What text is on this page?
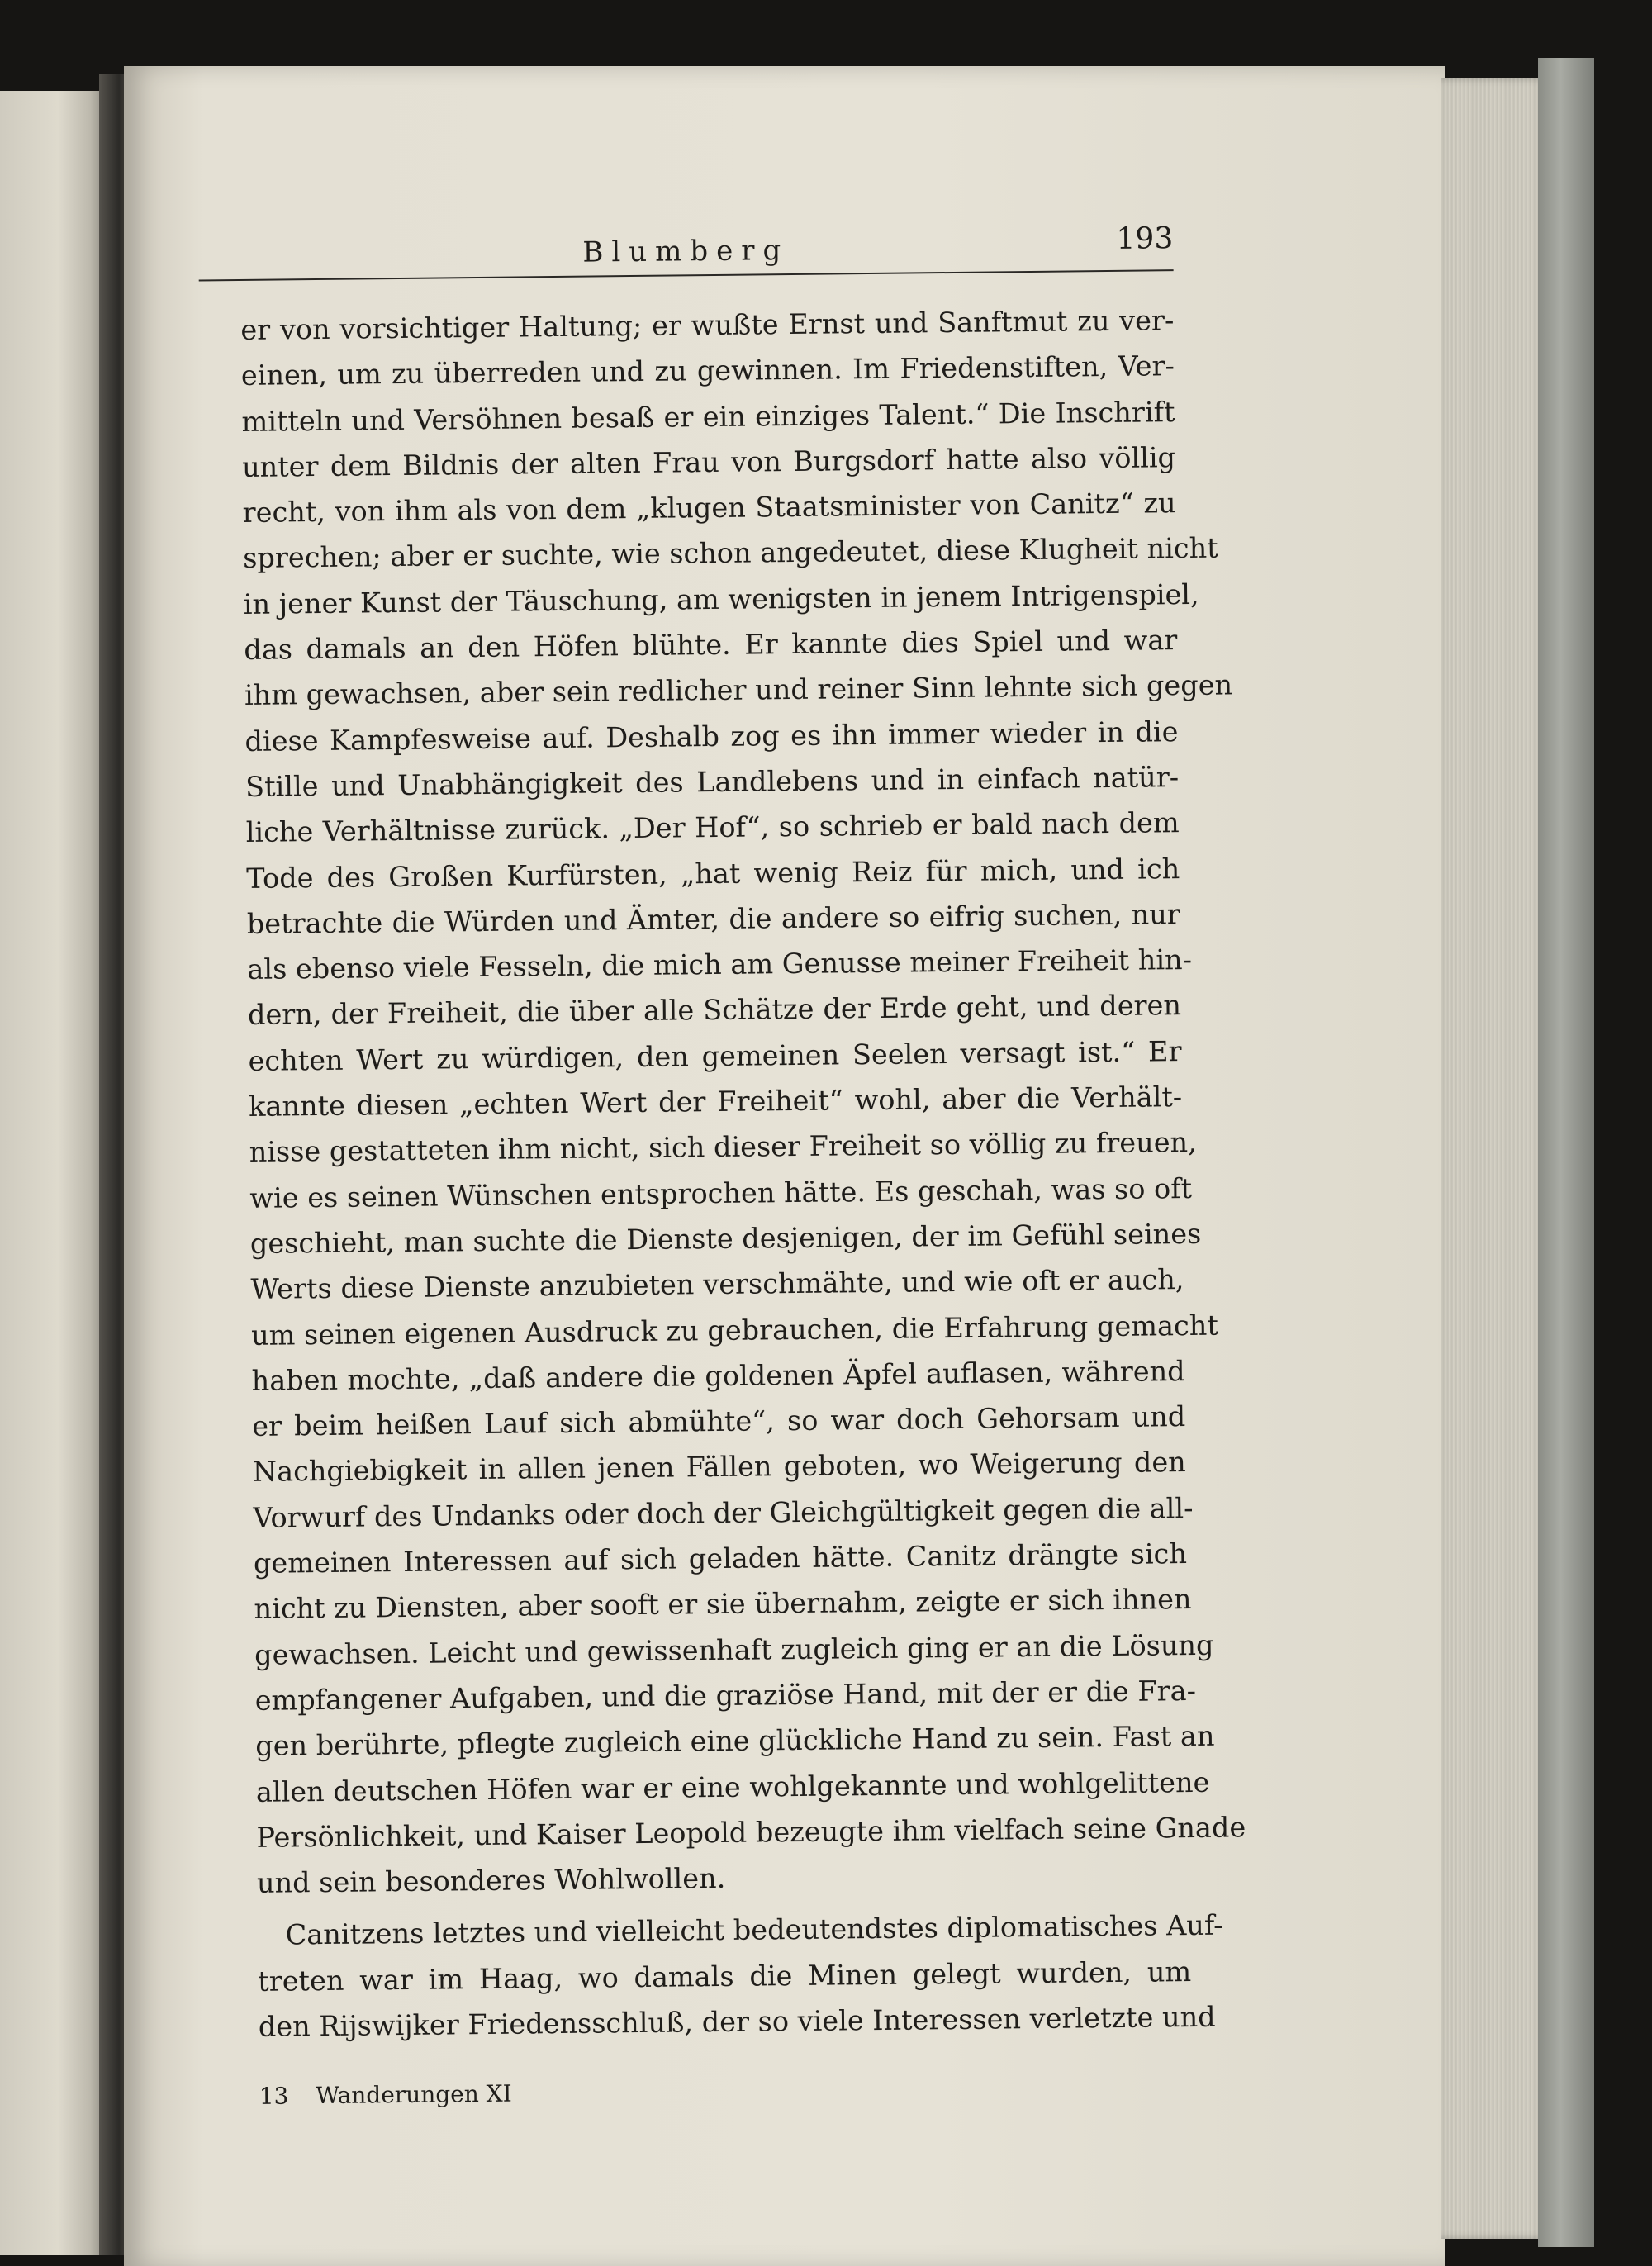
Blumberg	193

er von vorsichtiger Haltung; er wußte Ernst und Sanftmut zu ver-
einen, um zu überreden und zu gewinnen. Im Friedenstiften, Ver-
mitteln und Versöhnen besaß er ein einziges Talent.“ Die Inschrift
unter dem Bildnis der alten Frau von Burgsdorf hatte also völlig
recht, von ihm als von dem „klugen Staatsminister von Canitz“ zu
sprechen; aber er suchte, wie schon angedeutet, diese Klugheit nicht
in jener Kunst der Täuschung, am wenigsten in jenem Intrigenspiel,
das damals an den Höfen blühte. Er kannte dies Spiel und war
ihm gewachsen, aber sein redlicher und reiner Sinn lehnte sich gegen
diese Kampfesweise auf. Deshalb zog es ihn immer wieder in die
Stille und Unabhängigkeit des Landlebens und in einfach natür-
liche Verhältnisse zurück. „Der Hof“, so schrieb er bald nach dem
Tode des Großen Kurfürsten, „hat wenig Reiz für mich, und ich
betrachte die Würden und Ämter, die andere so eifrig suchen, nur
als ebenso viele Fesseln, die mich am Genusse meiner Freiheit hin-
dern, der Freiheit, die über alle Schätze der Erde geht, und deren
echten Wert zu würdigen, den gemeinen Seelen versagt ist.“ Er
kannte diesen „echten Wert der Freiheit“ wohl, aber die Verhält-
nisse gestatteten ihm nicht, sich dieser Freiheit so völlig zu freuen,
wie es seinen Wünschen entsprochen hätte. Es geschah, was so oft
geschieht, man suchte die Dienste desjenigen, der im Gefühl seines
Werts diese Dienste anzubieten verschmähte, und wie oft er auch,
um seinen eigenen Ausdruck zu gebrauchen, die Erfahrung gemacht
haben mochte, „daß andere die goldenen Äpfel auflasen, während
er beim heißen Lauf sich abmühte“, so war doch Gehorsam und
Nachgiebigkeit in allen jenen Fällen geboten, wo Weigerung den
Vorwurf des Undanks oder doch der Gleichgültigkeit gegen die all-
gemeinen Interessen auf sich geladen hätte. Canitz drängte sich
nicht zu Diensten, aber sooft er sie übernahm, zeigte er sich ihnen
gewachsen. Leicht und gewissenhaft zugleich ging er an die Lösung
empfangener Aufgaben, und die graziöse Hand, mit der er die Fra-
gen berührte, pflegte zugleich eine glückliche Hand zu sein. Fast an
allen deutschen Höfen war er eine wohlgekannte und wohlgelittene
Persönlichkeit, und Kaiser Leopold bezeugte ihm vielfach seine Gnade
und sein besonderes Wohlwollen.

Canitzens letztes und vielleicht bedeutendstes diplomatisches Auf-
treten war im Haag, wo damals die Minen gelegt wurden, um
den Rijswijker Friedensschluß, der so viele Interessen verletzte und

13 Wanderungen XI
